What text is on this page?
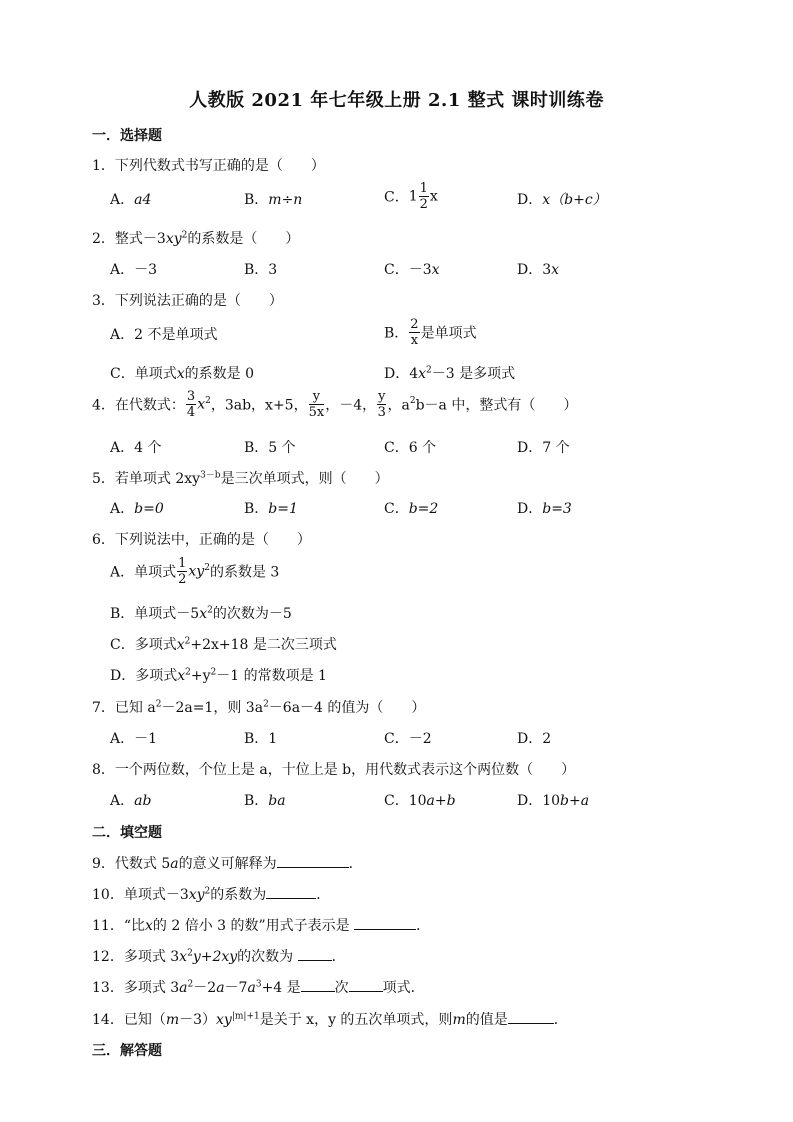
人教版 2021 年七年级上册 2.1 整式 课时训练卷
一．选择题
1．下列代数式书写正确的是（　　）
A．a4	B．m÷n	C．$1 \frac{1}{2}$ x	D．x（b+c）
2．整式$-3xy^2$的系数是（　　）
A．－3	B．3	C．－3x	D．3x
3．下列说法正确的是（　　）
A．2 不是单项式	B． $\frac{2}{x}$ 是单项式
C．单项式x的系数是 0	D．$4x^2-3$ 是多项式
4．在代数式： $\frac{3}{4} x^2$，3ab，x+5， $\frac{y}{5x}$ ，－4， $\frac{y}{3}$ ，$a^2b-a$ 中，整式有（　　）
A．4 个	B．5 个	C．6 个	D．7 个
5．若单项式 $2xy^{3-b}$是三次单项式，则（　　）
A．b=0	B．b=1	C．b=2	D．b=3
6．下列说法中，正确的是（　　）
A．单项式 $\frac{1}{2} xy^2$的系数是 3
B．单项式$-5x^2$的次数为－5
C．多项式$x^2+2x+18$ 是二次三项式
D．多项式$x^2+y^2-1$ 的常数项是 1
7．已知 $a^2-2a=1$，则 $3a^2-6a-4$ 的值为（　　）
A．－1	B．1	C．－2	D．2
8．一个两位数，个位上是 a，十位上是 b，用代数式表示这个两位数（　　）
A．ab	B．ba	C．10a+b	D．10b+a
二．填空题
9．代数式 5a的意义可解释为	．
10．单项式$-3xy^2$的系数为	．
11．“比x的 2 倍小 3 的数”用式子表示是	．
12．多项式 $3x^2y+2xy$的次数为	．
13．多项式 $3a^2-2a-7a^3+4$ 是 次 项式．
14．已知$(m-3)xy^{|m|+1}$是关于 x，y 的五次单项式，则m的值是	．
三．解答题
